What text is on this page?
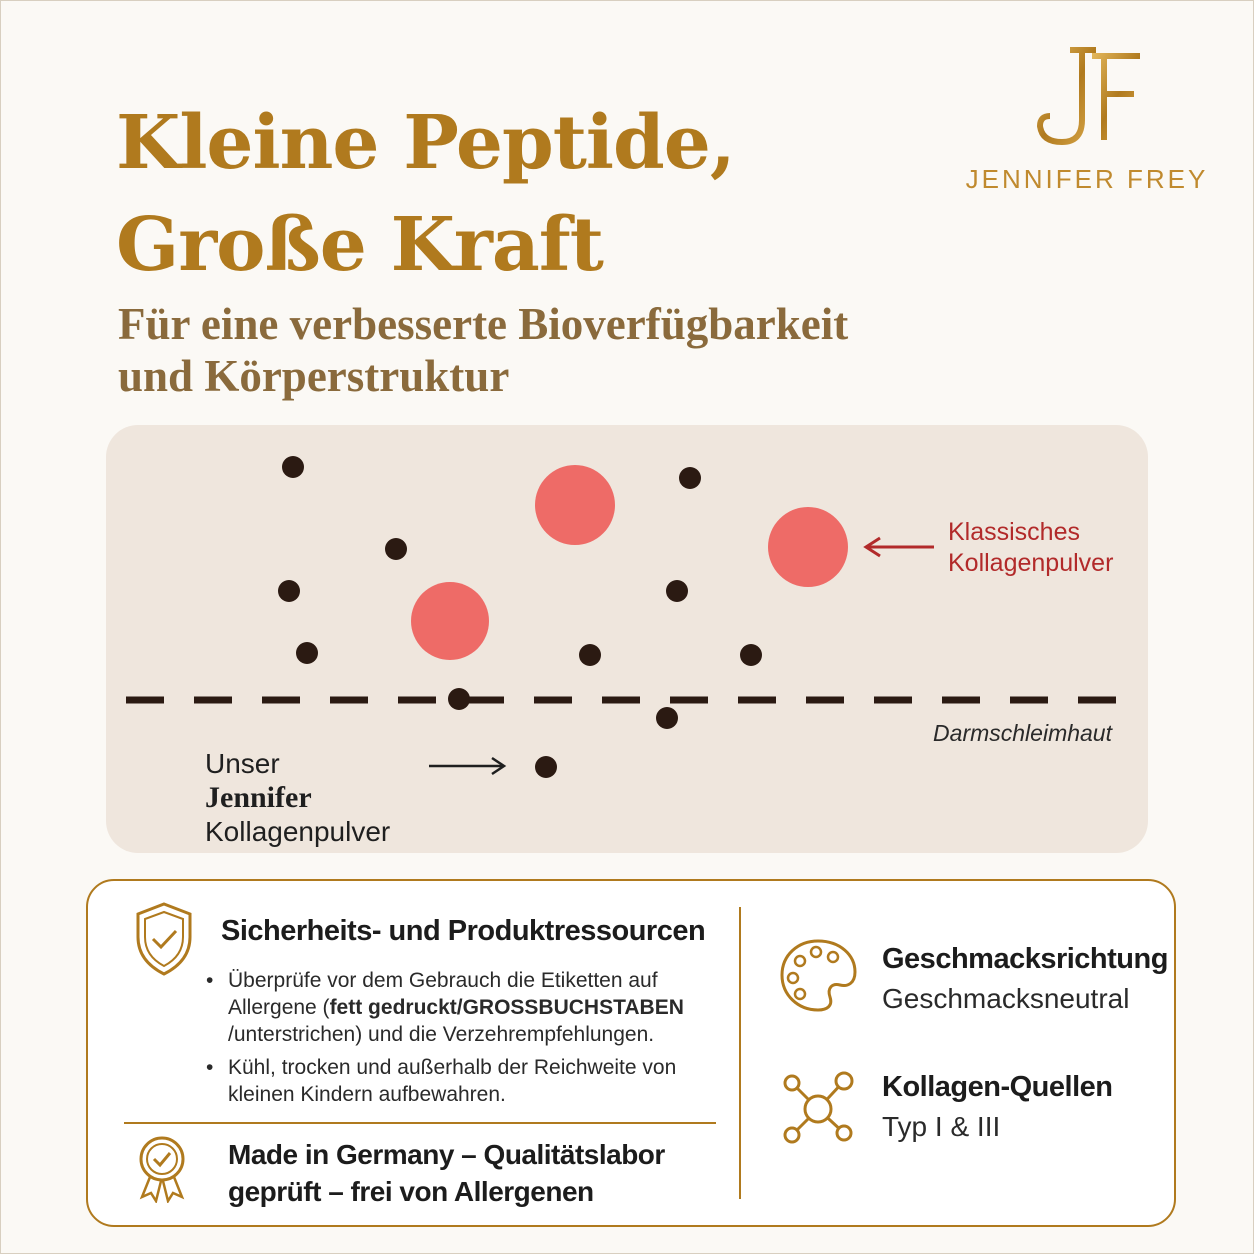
Kleine Peptide,
Große Kraft
Für eine verbesserte Bioverfügbarkeit
und Körperstruktur
JENNIFER FREY
Klassisches
Kollagenpulver
Darmschleimhaut
Unser
Jennifer
Kollagenpulver
Sicherheits- und Produktressourcen
• Überprüfe vor dem Gebrauch die Etiketten auf Allergene (fett gedruckt/GROSSBUCHSTABEN /unterstrichen) und die Verzehrempfehlungen.
• Kühl, trocken und außerhalb der Reichweite von kleinen Kindern aufbewahren.
Made in Germany – Qualitätslabor
geprüft – frei von Allergenen
Geschmacksrichtung
Geschmacksneutral
Kollagen-Quellen
Typ I & III
